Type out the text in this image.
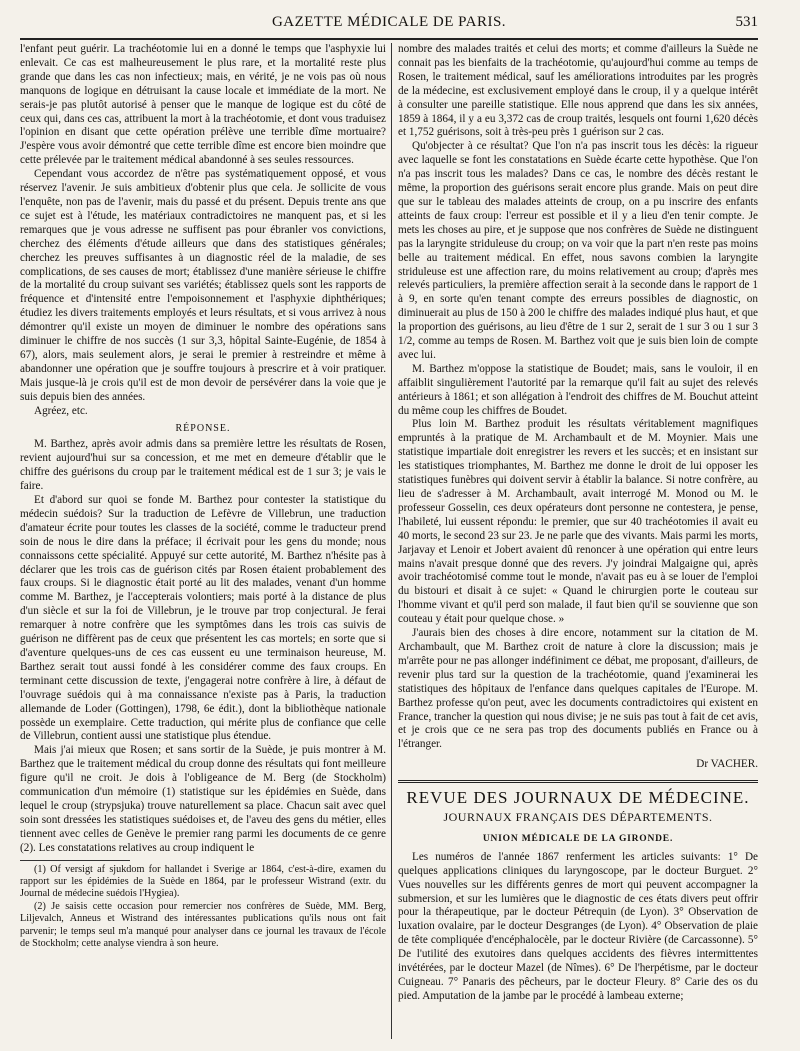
GAZETTE MÉDICALE DE PARIS.	531

l'enfant peut guérir. La trachéotomie lui en a donné le temps que l'asphyxie lui enlevait. Ce cas est malheureusement le plus rare, et la mortalité reste plus grande que dans les cas non infectieux; mais, en vérité, je ne vois pas où nous manquons de logique en détruisant la cause locale et immédiate de la mort. Ne serais-je pas plutôt autorisé à penser que le manque de logique est du côté de ceux qui, dans ces cas, attribuent la mort à la trachéotomie, et dont vous traduisez l'opinion en disant que cette opération prélève une terrible dîme mortuaire? J'espère vous avoir démontré que cette terrible dîme est encore bien moindre que cette prélevée par le traitement médical abandonné à ses seules ressources.

Cependant vous accordez de n'être pas systématiquement opposé, et vous réservez l'avenir. Je suis ambitieux d'obtenir plus que cela. Je sollicite de vous l'enquête, non pas de l'avenir, mais du passé et du présent. Depuis trente ans que ce sujet est à l'étude, les matériaux contradictoires ne manquent pas, et si les remarques que je vous adresse ne suffisent pas pour ébranler vos convictions, cherchez des éléments d'étude ailleurs que dans des statistiques générales; cherchez les preuves suffisantes à un diagnostic réel de la maladie, de ses complications, de ses causes de mort; établissez d'une manière sérieuse le chiffre de la mortalité du croup suivant ses variétés; établissez quels sont les rapports de fréquence et d'intensité entre l'empoisonnement et l'asphyxie diphthériques; étudiez les divers traitements employés et leurs résultats, et si vous arrivez à nous démontrer qu'il existe un moyen de diminuer le nombre des opérations sans diminuer le chiffre de nos succès (1 sur 3,3, hôpital Sainte-Eugénie, de 1854 à 67), alors, mais seulement alors, je serai le premier à restreindre et même à abandonner une opération que je souffre toujours à prescrire et à voir pratiquer. Mais jusque-là je crois qu'il est de mon devoir de persévérer dans la voie que je suis depuis bien des années.

Agréez, etc.

RÉPONSE.

M. Barthez, après avoir admis dans sa première lettre les résultats de Rosen, revient aujourd'hui sur sa concession, et me met en demeure d'établir que le chiffre des guérisons du croup par le traitement médical est de 1 sur 3; je vais le faire.

Et d'abord sur quoi se fonde M. Barthez pour contester la statistique du médecin suédois? Sur la traduction de Lefèvre de Villebrun, une traduction d'amateur écrite pour toutes les classes de la société, comme le traducteur prend soin de nous le dire dans la préface; il écrivait pour les gens du monde; nous connaissons cette spécialité. Appuyé sur cette autorité, M. Barthez n'hésite pas à déclarer que les trois cas de guérison cités par Rosen étaient probablement des faux croups. Si le diagnostic était porté au lit des malades, venant d'un homme comme M. Barthez, je l'accepterais volontiers; mais porté à la distance de plus d'un siècle et sur la foi de Villebrun, je le trouve par trop conjectural. Je ferai remarquer à notre confrère que les symptômes dans les trois cas suivis de guérison ne diffèrent pas de ceux que présentent les cas mortels; en sorte que si d'aventure quelques-uns de ces cas eussent eu une terminaison heureuse, M. Barthez serait tout aussi fondé à les considérer comme des faux croups. En terminant cette discussion de texte, j'engagerai notre confrère à lire, à défaut de l'ouvrage suédois qui à ma connaissance n'existe pas à Paris, la traduction allemande de Loder (Gottingen), 1798, 6e édit.), dont la bibliothèque nationale possède un exemplaire. Cette traduction, qui mérite plus de confiance que celle de Villebrun, contient aussi une statistique plus étendue.

Mais j'ai mieux que Rosen; et sans sortir de la Suède, je puis montrer à M. Barthez que le traitement médical du croup donne des résultats qui font meilleure figure qu'il ne croit. Je dois à l'obligeance de M. Berg (de Stockholm) communication d'un mémoire (1) statistique sur les épidémies en Suède, dans lequel le croup (strypsjuka) trouve naturellement sa place. Chacun sait avec quel soin sont dressées les statistiques suédoises et, de l'aveu des gens du métier, elles tiennent avec celles de Genève le premier rang parmi les documents de ce genre (2). Les constatations relatives au croup indiquent le

(1) Of versigt af sjukdom for hallandet i Sverige ar 1864, c'est-à-dire, examen du rapport sur les épidémies de la Suède en 1864, par le professeur Wistrand (extr. du Journal de médecine suédois l'Hygiea).

(2) Je saisis cette occasion pour remercier nos confrères de Suède, MM. Berg, Liljevalch, Anneus et Wistrand des intéressantes publications qu'ils nous ont fait parvenir; le temps seul m'a manqué pour analyser dans ce journal les travaux de l'école de Stockholm; cette analyse viendra à son heure.

nombre des malades traités et celui des morts; et comme d'ailleurs la Suède ne connait pas les bienfaits de la trachéotomie, qu'aujourd'hui comme au temps de Rosen, le traitement médical, sauf les améliorations introduites par les progrès de la médecine, est exclusivement employé dans le croup, il y a quelque intérêt à consulter une pareille statistique. Elle nous apprend que dans les six années, 1859 à 1864, il y a eu 3,372 cas de croup traités, lesquels ont fourni 1,620 décès et 1,752 guérisons, soit à très-peu près 1 guérison sur 2 cas.

Qu'objecter à ce résultat? Que l'on n'a pas inscrit tous les décès: la rigueur avec laquelle se font les constatations en Suède écarte cette hypothèse. Que l'on n'a pas inscrit tous les malades? Dans ce cas, le nombre des décès restant le même, la proportion des guérisons serait encore plus grande. Mais on peut dire que sur le tableau des malades atteints de croup, on a pu inscrire des enfants atteints de faux croup: l'erreur est possible et il y a lieu d'en tenir compte. Je mets les choses au pire, et je suppose que nos confrères de Suède ne distinguent pas la laryngite striduleuse du croup; on va voir que la part n'en reste pas moins belle au traitement médical. En effet, nous savons combien la laryngite striduleuse est une affection rare, du moins relativement au croup; d'après mes relevés particuliers, la première affection serait à la seconde dans le rapport de 1 à 9, en sorte qu'en tenant compte des erreurs possibles de diagnostic, on diminuerait au plus de 150 à 200 le chiffre des malades indiqué plus haut, et que la proportion des guérisons, au lieu d'être de 1 sur 2, serait de 1 sur 3 ou 1 sur 3 1/2, comme au temps de Rosen. M. Barthez voit que je suis bien loin de compte avec lui.

M. Barthez m'oppose la statistique de Boudet; mais, sans le vouloir, il en affaiblit singulièrement l'autorité par la remarque qu'il fait au sujet des relevés antérieurs à 1861; et son allégation à l'endroit des chiffres de M. Bouchut atteint du même coup les chiffres de Boudet.

Plus loin M. Barthez produit les résultats véritablement magnifiques empruntés à la pratique de M. Archambault et de M. Moynier. Mais une statistique impartiale doit enregistrer les revers et les succès; et en insistant sur les statistiques triomphantes, M. Barthez me donne le droit de lui opposer les statistiques funèbres qui doivent servir à établir la balance. Si notre confrère, au lieu de s'adresser à M. Archambault, avait interrogé M. Monod ou M. le professeur Gosselin, ces deux opérateurs dont personne ne contestera, je pense, l'habileté, lui eussent répondu: le premier, que sur 40 trachéotomies il avait eu 40 morts, le second 23 sur 23. Je ne parle que des vivants. Mais parmi les morts, Jarjavay et Lenoir et Jobert avaient dû renoncer à une opération qui entre leurs mains n'avait presque donné que des revers. J'y joindrai Malgaigne qui, après avoir trachéotomisé comme tout le monde, n'avait pas eu à se louer de l'emploi du bistouri et disait à ce sujet: « Quand le chirurgien porte le couteau sur l'homme vivant et qu'il perd son malade, il faut bien qu'il se souvienne que son couteau y était pour quelque chose. »

J'aurais bien des choses à dire encore, notamment sur la citation de M. Archambault, que M. Barthez croit de nature à clore la discussion; mais je m'arrête pour ne pas allonger indéfiniment ce débat, me proposant, d'ailleurs, de revenir plus tard sur la question de la trachéotomie, quand j'examinerai les statistiques des hôpitaux de l'enfance dans quelques capitales de l'Europe. M. Barthez professe qu'on peut, avec les documents contradictoires qui existent en France, trancher la question qui nous divise; je ne suis pas tout à fait de cet avis, et je crois que ce ne sera pas trop des documents publiés en France ou à l'étranger.

Dr VACHER.

REVUE DES JOURNAUX DE MÉDECINE.

JOURNAUX FRANÇAIS DES DÉPARTEMENTS.

UNION MÉDICALE DE LA GIRONDE.

Les numéros de l'année 1867 renferment les articles suivants: 1° De quelques applications cliniques du laryngoscope, par le docteur Burguet. 2° Vues nouvelles sur les différents genres de mort qui peuvent accompagner la submersion, et sur les lumières que le diagnostic de ces états divers peut offrir pour la thérapeutique, par le docteur Pétrequin (de Lyon). 3° Observation de luxation ovalaire, par le docteur Desgranges (de Lyon). 4° Observation de plaie de tête compliquée d'encéphalocèle, par le docteur Rivière (de Carcassonne). 5° De l'utilité des exutoires dans quelques accidents des fièvres intermittentes invétérées, par le docteur Mazel (de Nîmes). 6° De l'herpétisme, par le docteur Cuigneau. 7° Panaris des pêcheurs, par le docteur Fleury. 8° Carie des os du pied. Amputation de la jambe par le procédé à lambeau externe;
